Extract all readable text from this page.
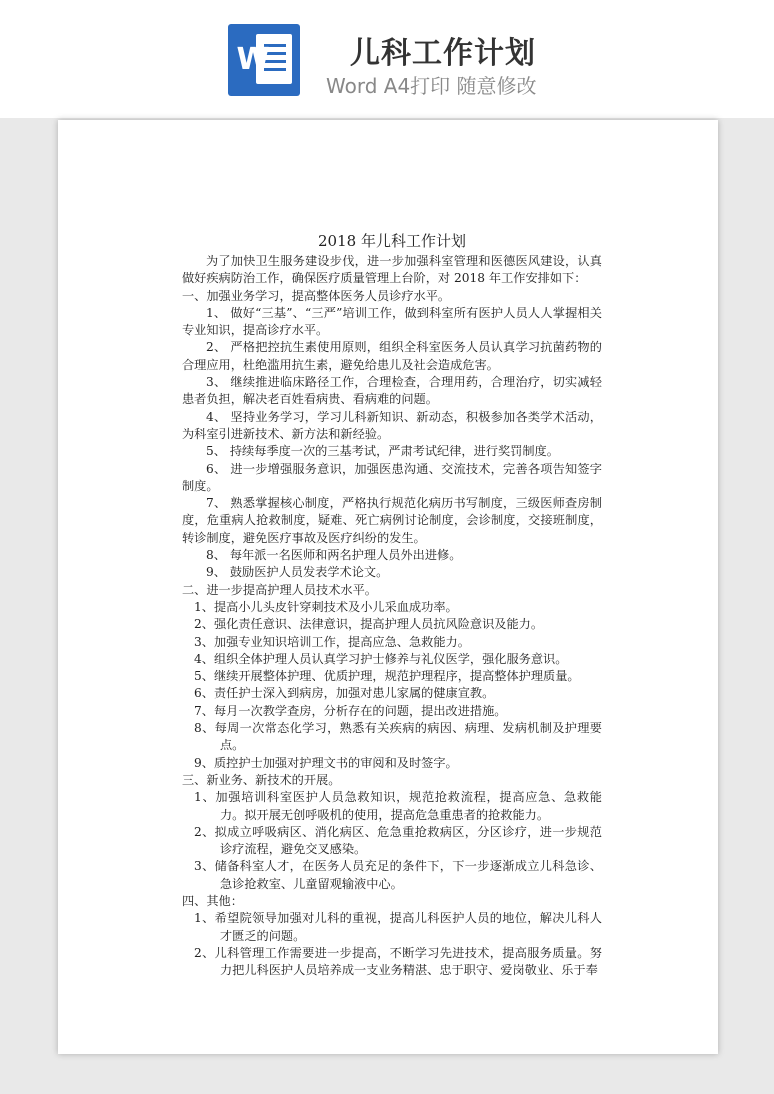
W	儿科工作计划
Word A4打印 随意修改
2018 年儿科工作计划

为了加快卫生服务建设步伐，进一步加强科室管理和医德医风建设，认真做好疾病防治工作，确保医疗质量管理上台阶，对 2018 年工作安排如下：

一、加强业务学习，提高整体医务人员诊疗水平。

1、 做好“三基”、“三严”培训工作，做到科室所有医护人员人人掌握相关专业知识，提高诊疗水平。

2、 严格把控抗生素使用原则，组织全科室医务人员认真学习抗菌药物的合理应用，杜绝滥用抗生素，避免给患儿及社会造成危害。

3、 继续推进临床路径工作，合理检查，合理用药，合理治疗，切实减轻患者负担，解决老百姓看病贵、看病难的问题。

4、 坚持业务学习，学习儿科新知识、新动态，积极参加各类学术活动，为科室引进新技术、新方法和新经验。

5、 持续每季度一次的三基考试，严肃考试纪律，进行奖罚制度。

6、 进一步增强服务意识，加强医患沟通、交流技术，完善各项告知签字制度。

7、 熟悉掌握核心制度，严格执行规范化病历书写制度，三级医师查房制度，危重病人抢救制度，疑难、死亡病例讨论制度，会诊制度，交接班制度，转诊制度，避免医疗事故及医疗纠纷的发生。

8、 每年派一名医师和两名护理人员外出进修。

9、 鼓励医护人员发表学术论文。

二、进一步提高护理人员技术水平。

1、提高小儿头皮针穿刺技术及小儿采血成功率。

2、强化责任意识、法律意识，提高护理人员抗风险意识及能力。

3、加强专业知识培训工作，提高应急、急救能力。

4、组织全体护理人员认真学习护士修养与礼仪医学，强化服务意识。

5、继续开展整体护理、优质护理，规范护理程序，提高整体护理质量。

6、责任护士深入到病房，加强对患儿家属的健康宣教。

7、每月一次教学查房，分析存在的问题，提出改进措施。

8、每周一次常态化学习，熟悉有关疾病的病因、病理、发病机制及护理要点。

9、质控护士加强对护理文书的审阅和及时签字。

三、新业务、新技术的开展。

1、加强培训科室医护人员急救知识，规范抢救流程，提高应急、急救能力。拟开展无创呼吸机的使用，提高危急重患者的抢救能力。

2、拟成立呼吸病区、消化病区、危急重抢救病区，分区诊疗，进一步规范诊疗流程，避免交叉感染。

3、储备科室人才，在医务人员充足的条件下，下一步逐渐成立儿科急诊、急诊抢救室、儿童留观输液中心。

四、其他：

1、希望院领导加强对儿科的重视，提高儿科医护人员的地位，解决儿科人才匮乏的问题。

2、儿科管理工作需要进一步提高，不断学习先进技术，提高服务质量。努力把儿科医护人员培养成一支业务精湛、忠于职守、爱岗敬业、乐于奉
